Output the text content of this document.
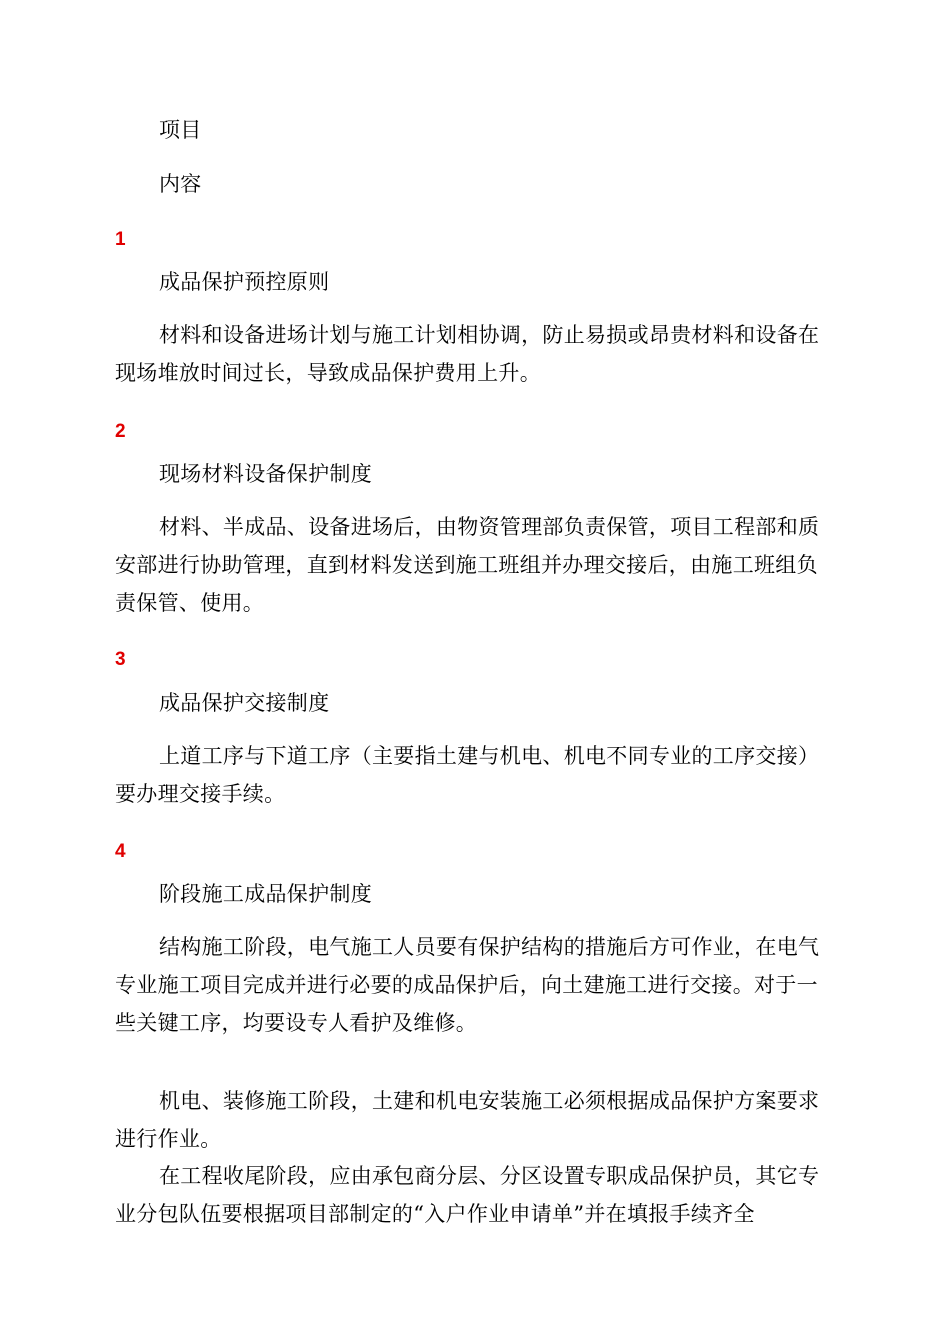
项目

内容

1

成品保护预控原则

材料和设备进场计划与施工计划相协调，防止易损或昂贵材料和设备在现场堆放时间过长，导致成品保护费用上升。

2

现场材料设备保护制度

材料、半成品、设备进场后，由物资管理部负责保管，项目工程部和质安部进行协助管理，直到材料发送到施工班组并办理交接后，由施工班组负责保管、使用。

3

成品保护交接制度

上道工序与下道工序（主要指土建与机电、机电不同专业的工序交接）要办理交接手续。

4

阶段施工成品保护制度

结构施工阶段，电气施工人员要有保护结构的措施后方可作业，在电气专业施工项目完成并进行必要的成品保护后，向土建施工进行交接。对于一些关键工序，均要设专人看护及维修。

机电、装修施工阶段，土建和机电安装施工必须根据成品保护方案要求进行作业。

在工程收尾阶段，应由承包商分层、分区设置专职成品保护员，其它专业分包队伍要根据项目部制定的“入户作业申请单”并在填报手续齐全
